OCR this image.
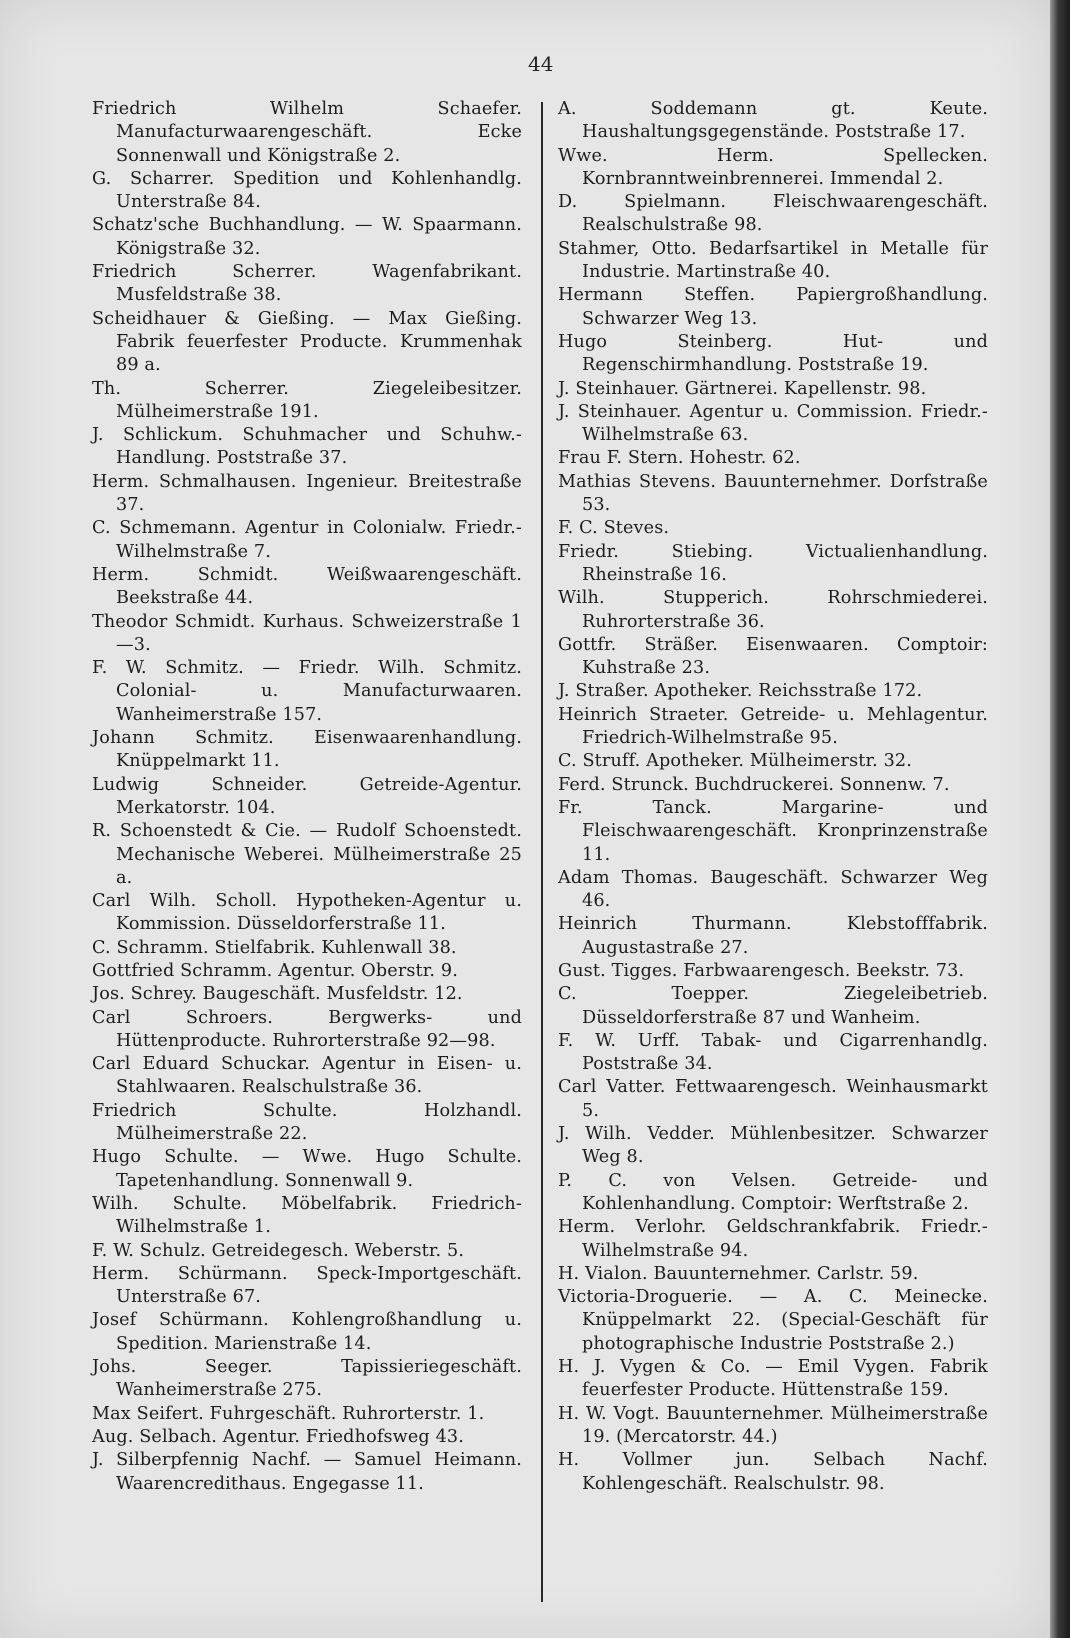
44
Friedrich Wilhelm Schaefer. Manufacturwaarengeschäft. Ecke Sonnenwall und Königstraße 2.
G. Scharrer. Spedition und Kohlenhandlg. Unterstraße 84.
Schatz'sche Buchhandlung. — W. Spaarmann. Königstraße 32.
Friedrich Scherrer. Wagenfabrikant. Musfeldstraße 38.
Scheidhauer & Gießing. — Max Gießing. Fabrik feuerfester Producte. Krummenhak 89 a.
Th. Scherrer. Ziegeleibesitzer. Mülheimerstraße 191.
J. Schlickum. Schuhmacher und Schuhw.-Handlung. Poststraße 37.
Herm. Schmalhausen. Ingenieur. Breitestraße 37.
C. Schmemann. Agentur in Colonialw. Friedr.-Wilhelmstraße 7.
Herm. Schmidt. Weißwaarengeschäft. Beekstraße 44.
Theodor Schmidt. Kurhaus. Schweizerstraße 1—3.
F. W. Schmitz. — Friedr. Wilh. Schmitz. Colonial- u. Manufacturwaaren. Wanheimerstraße 157.
Johann Schmitz. Eisenwaarenhandlung. Knüppelmarkt 11.
Ludwig Schneider. Getreide-Agentur. Merkatorstr. 104.
R. Schoenstedt & Cie. — Rudolf Schoenstedt. Mechanische Weberei. Mülheimerstraße 25 a.
Carl Wilh. Scholl. Hypotheken-Agentur u. Kommission. Düsseldorferstraße 11.
C. Schramm. Stielfabrik. Kuhlenwall 38.
Gottfried Schramm. Agentur. Oberstr. 9.
Jos. Schrey. Baugeschäft. Musfeldstr. 12.
Carl Schroers. Bergwerks- und Hüttenproducte. Ruhrorterstraße 92—98.
Carl Eduard Schuckar. Agentur in Eisen- u. Stahlwaaren. Realschulstraße 36.
Friedrich Schulte. Holzhandl. Mülheimerstraße 22.
Hugo Schulte. — Wwe. Hugo Schulte. Tapetenhandlung. Sonnenwall 9.
Wilh. Schulte. Möbelfabrik. Friedrich-Wilhelmstraße 1.
F. W. Schulz. Getreidegesch. Weberstr. 5.
Herm. Schürmann. Speck-Importgeschäft. Unterstraße 67.
Josef Schürmann. Kohlengroßhandlung u. Spedition. Marienstraße 14.
Johs. Seeger. Tapissieriegeschäft. Wanheimerstraße 275.
Max Seifert. Fuhrgeschäft. Ruhrorterstr. 1.
Aug. Selbach. Agentur. Friedhofsweg 43.
J. Silberpfennig Nachf. — Samuel Heimann. Waarencredithaus. Engegasse 11.
A. Soddemann gt. Keute. Haushaltungsgegenstände. Poststraße 17.
Wwe. Herm. Spellecken. Kornbranntweinbrennerei. Immendal 2.
D. Spielmann. Fleischwaarengeschäft. Realschulstraße 98.
Stahmer, Otto. Bedarfsartikel in Metalle für Industrie. Martinstraße 40.
Hermann Steffen. Papiergroßhandlung. Schwarzer Weg 13.
Hugo Steinberg. Hut- und Regenschirmhandlung. Poststraße 19.
J. Steinhauer. Gärtnerei. Kapellenstr. 98.
J. Steinhauer. Agentur u. Commission. Friedr.-Wilhelmstraße 63.
Frau F. Stern. Hohestr. 62.
Mathias Stevens. Bauunternehmer. Dorfstraße 53.
F. C. Steves.
Friedr. Stiebing. Victualienhandlung. Rheinstraße 16.
Wilh. Stupperich. Rohrschmiederei. Ruhrorterstraße 36.
Gottfr. Sträßer. Eisenwaaren. Comptoir: Kuhstraße 23.
J. Straßer. Apotheker. Reichsstraße 172.
Heinrich Straeter. Getreide- u. Mehlagentur. Friedrich-Wilhelmstraße 95.
C. Struff. Apotheker. Mülheimerstr. 32.
Ferd. Strunck. Buchdruckerei. Sonnenw. 7.
Fr. Tanck. Margarine- und Fleischwaarengeschäft. Kronprinzenstraße 11.
Adam Thomas. Baugeschäft. Schwarzer Weg 46.
Heinrich Thurmann. Klebstofffabrik. Augustastraße 27.
Gust. Tigges. Farbwaarengesch. Beekstr. 73.
C. Toepper. Ziegeleibetrieb. Düsseldorferstraße 87 und Wanheim.
F. W. Urff. Tabak- und Cigarrenhandlg. Poststraße 34.
Carl Vatter. Fettwaarengesch. Weinhausmarkt 5.
J. Wilh. Vedder. Mühlenbesitzer. Schwarzer Weg 8.
P. C. von Velsen. Getreide- und Kohlenhandlung. Comptoir: Werftstraße 2.
Herm. Verlohr. Geldschrankfabrik. Friedr.-Wilhelmstraße 94.
H. Vialon. Bauunternehmer. Carlstr. 59.
Victoria-Droguerie. — A. C. Meinecke. Knüppelmarkt 22. (Special-Geschäft für photographische Industrie Poststraße 2.)
H. J. Vygen & Co. — Emil Vygen. Fabrik feuerfester Producte. Hüttenstraße 159.
H. W. Vogt. Bauunternehmer. Mülheimerstraße 19. (Mercatorstr. 44.)
H. Vollmer jun. Selbach Nachf. Kohlengeschäft. Realschulstr. 98.
